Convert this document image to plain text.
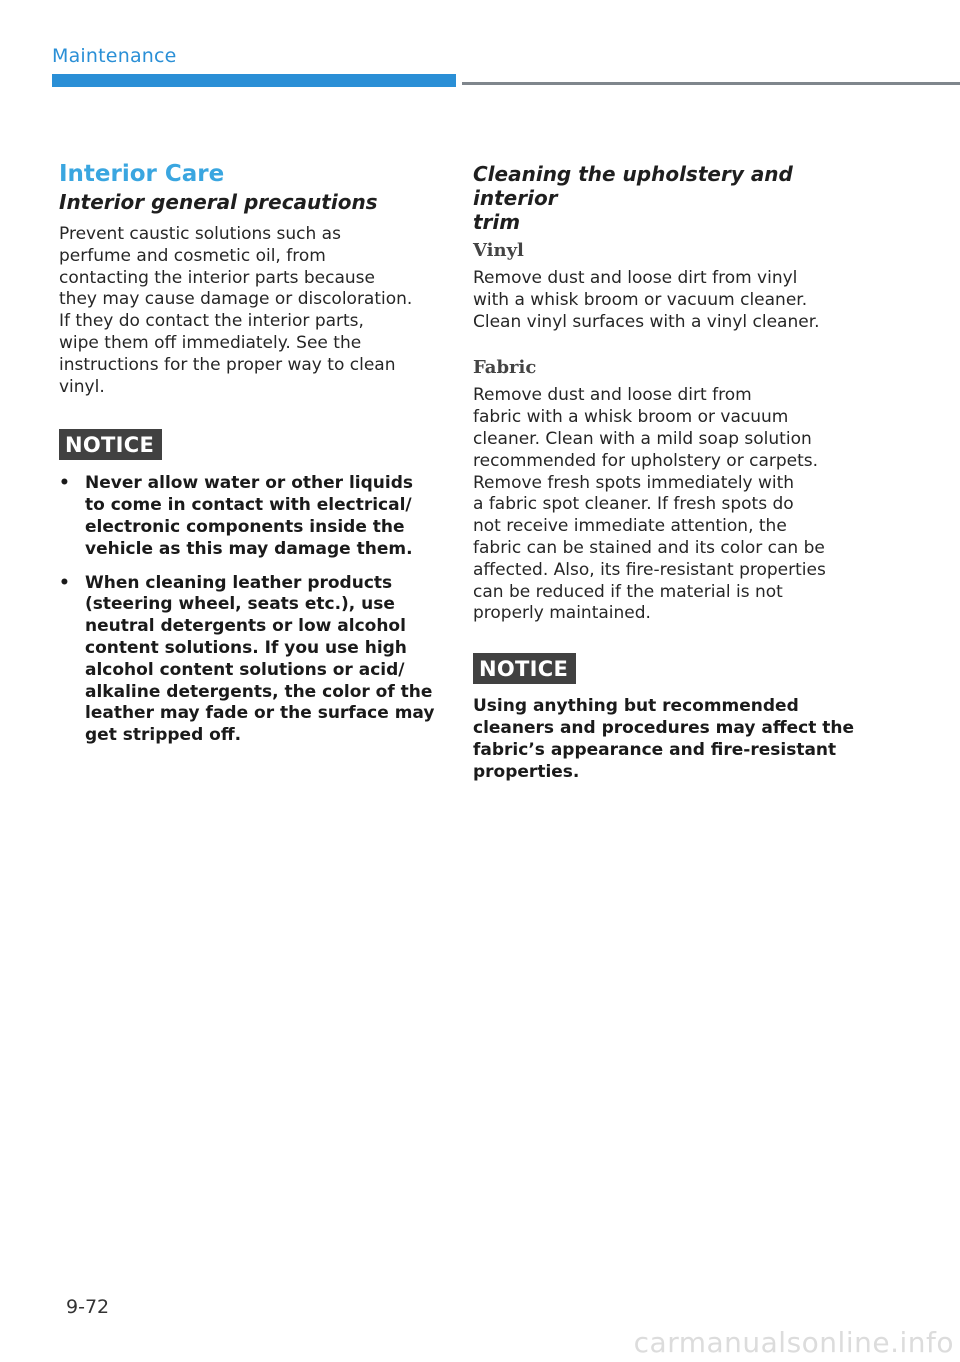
Maintenance
Interior Care
Interior general precautions
Prevent caustic solutions such as
perfume and cosmetic oil, from
contacting the interior parts because
they may cause damage or discoloration.
If they do contact the interior parts,
wipe them off immediately. See the
instructions for the proper way to clean
vinyl.
NOTICE
• Never allow water or other liquids
to come in contact with electrical/
electronic components inside the
vehicle as this may damage them.
• When cleaning leather products
(steering wheel, seats etc.), use
neutral detergents or low alcohol
content solutions. If you use high
alcohol content solutions or acid/
alkaline detergents, the color of the
leather may fade or the surface may
get stripped off.
Cleaning the upholstery and interior
trim
Vinyl
Remove dust and loose dirt from vinyl
with a whisk broom or vacuum cleaner.
Clean vinyl surfaces with a vinyl cleaner.
Fabric
Remove dust and loose dirt from
fabric with a whisk broom or vacuum
cleaner. Clean with a mild soap solution
recommended for upholstery or carpets.
Remove fresh spots immediately with
a fabric spot cleaner. If fresh spots do
not receive immediate attention, the
fabric can be stained and its color can be
affected. Also, its fire-resistant properties
can be reduced if the material is not
properly maintained.
NOTICE
Using anything but recommended
cleaners and procedures may affect the
fabric’s appearance and fire-resistant
properties.
9-72
carmanualsonline.info
